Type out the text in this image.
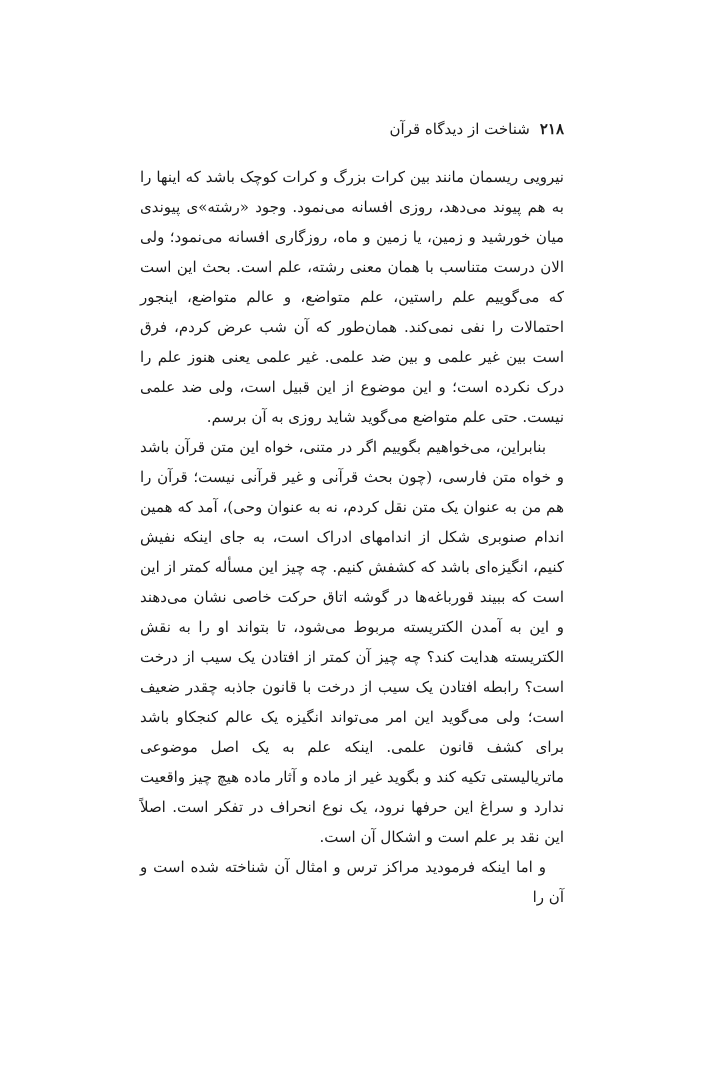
۲۱۸
شناخت از دیدگاه قرآن

نیرویی ریسمان مانند بین کرات بزرگ و کرات کوچک باشد که اینها را به هم پیوند می‌دهد، روزی افسانه می‌نمود. وجود «رشته»ی پیوندی میان خورشید و زمین، یا زمین و ماه، روزگاری افسانه می‌نمود؛ ولی الان درست متناسب با همان معنی رشته، علم است. بحث این است که می‌گوییم علم راستین، علم متواضع، و عالم متواضع، اینجور احتمالات را نفی نمی‌کند. همان‌طور که آن شب عرض کردم، فرق است بین غیر علمی و بین ضد علمی. غیر علمی یعنی هنوز علم را درک نکرده است؛ و این موضوع از این قبیل است، ولی ضد علمی نیست. حتی علم متواضع می‌گوید شاید روزی به آن برسم.

بنابراین، می‌خواهیم بگوییم اگر در متنی، خواه این متن قرآن باشد و خواه متن فارسی، (چون بحث قرآنی و غیر قرآنی نیست؛ قرآن را هم من به عنوان یک متن نقل کردم، نه به عنوان وحی)، آمد که همین اندام صنوبری شکل از اندامهای ادراک است، به جای اینکه نفیش کنیم، انگیزه‌ای باشد که کشفش کنیم. چه چیز این مسأله کمتر از این است که ببیند قورباغه‌ها در گوشه اتاق حرکت خاصی نشان می‌دهند و این به آمدن الکتریسته مربوط می‌شود، تا بتواند او را به نقش الکتریسته هدایت کند؟ چه چیز آن کمتر از افتادن یک سیب از درخت است؟ رابطه افتادن یک سیب از درخت با قانون جاذبه چقدر ضعیف است؛ ولی می‌گوید این امر می‌تواند انگیزه یک عالم کنجکاو باشد برای کشف قانون علمی. اینکه علم به یک اصل موضوعی ماتریالیستی تکیه کند و بگوید غیر از ماده و آثار ماده هیچ چیز واقعیت ندارد و سراغ این حرفها نرود، یک نوع انحراف در تفکر است. اصلاً این نقد بر علم است و اشکال آن است.

و اما اینکه فرمودید مراکز ترس و امثال آن شناخته شده است و آن را
